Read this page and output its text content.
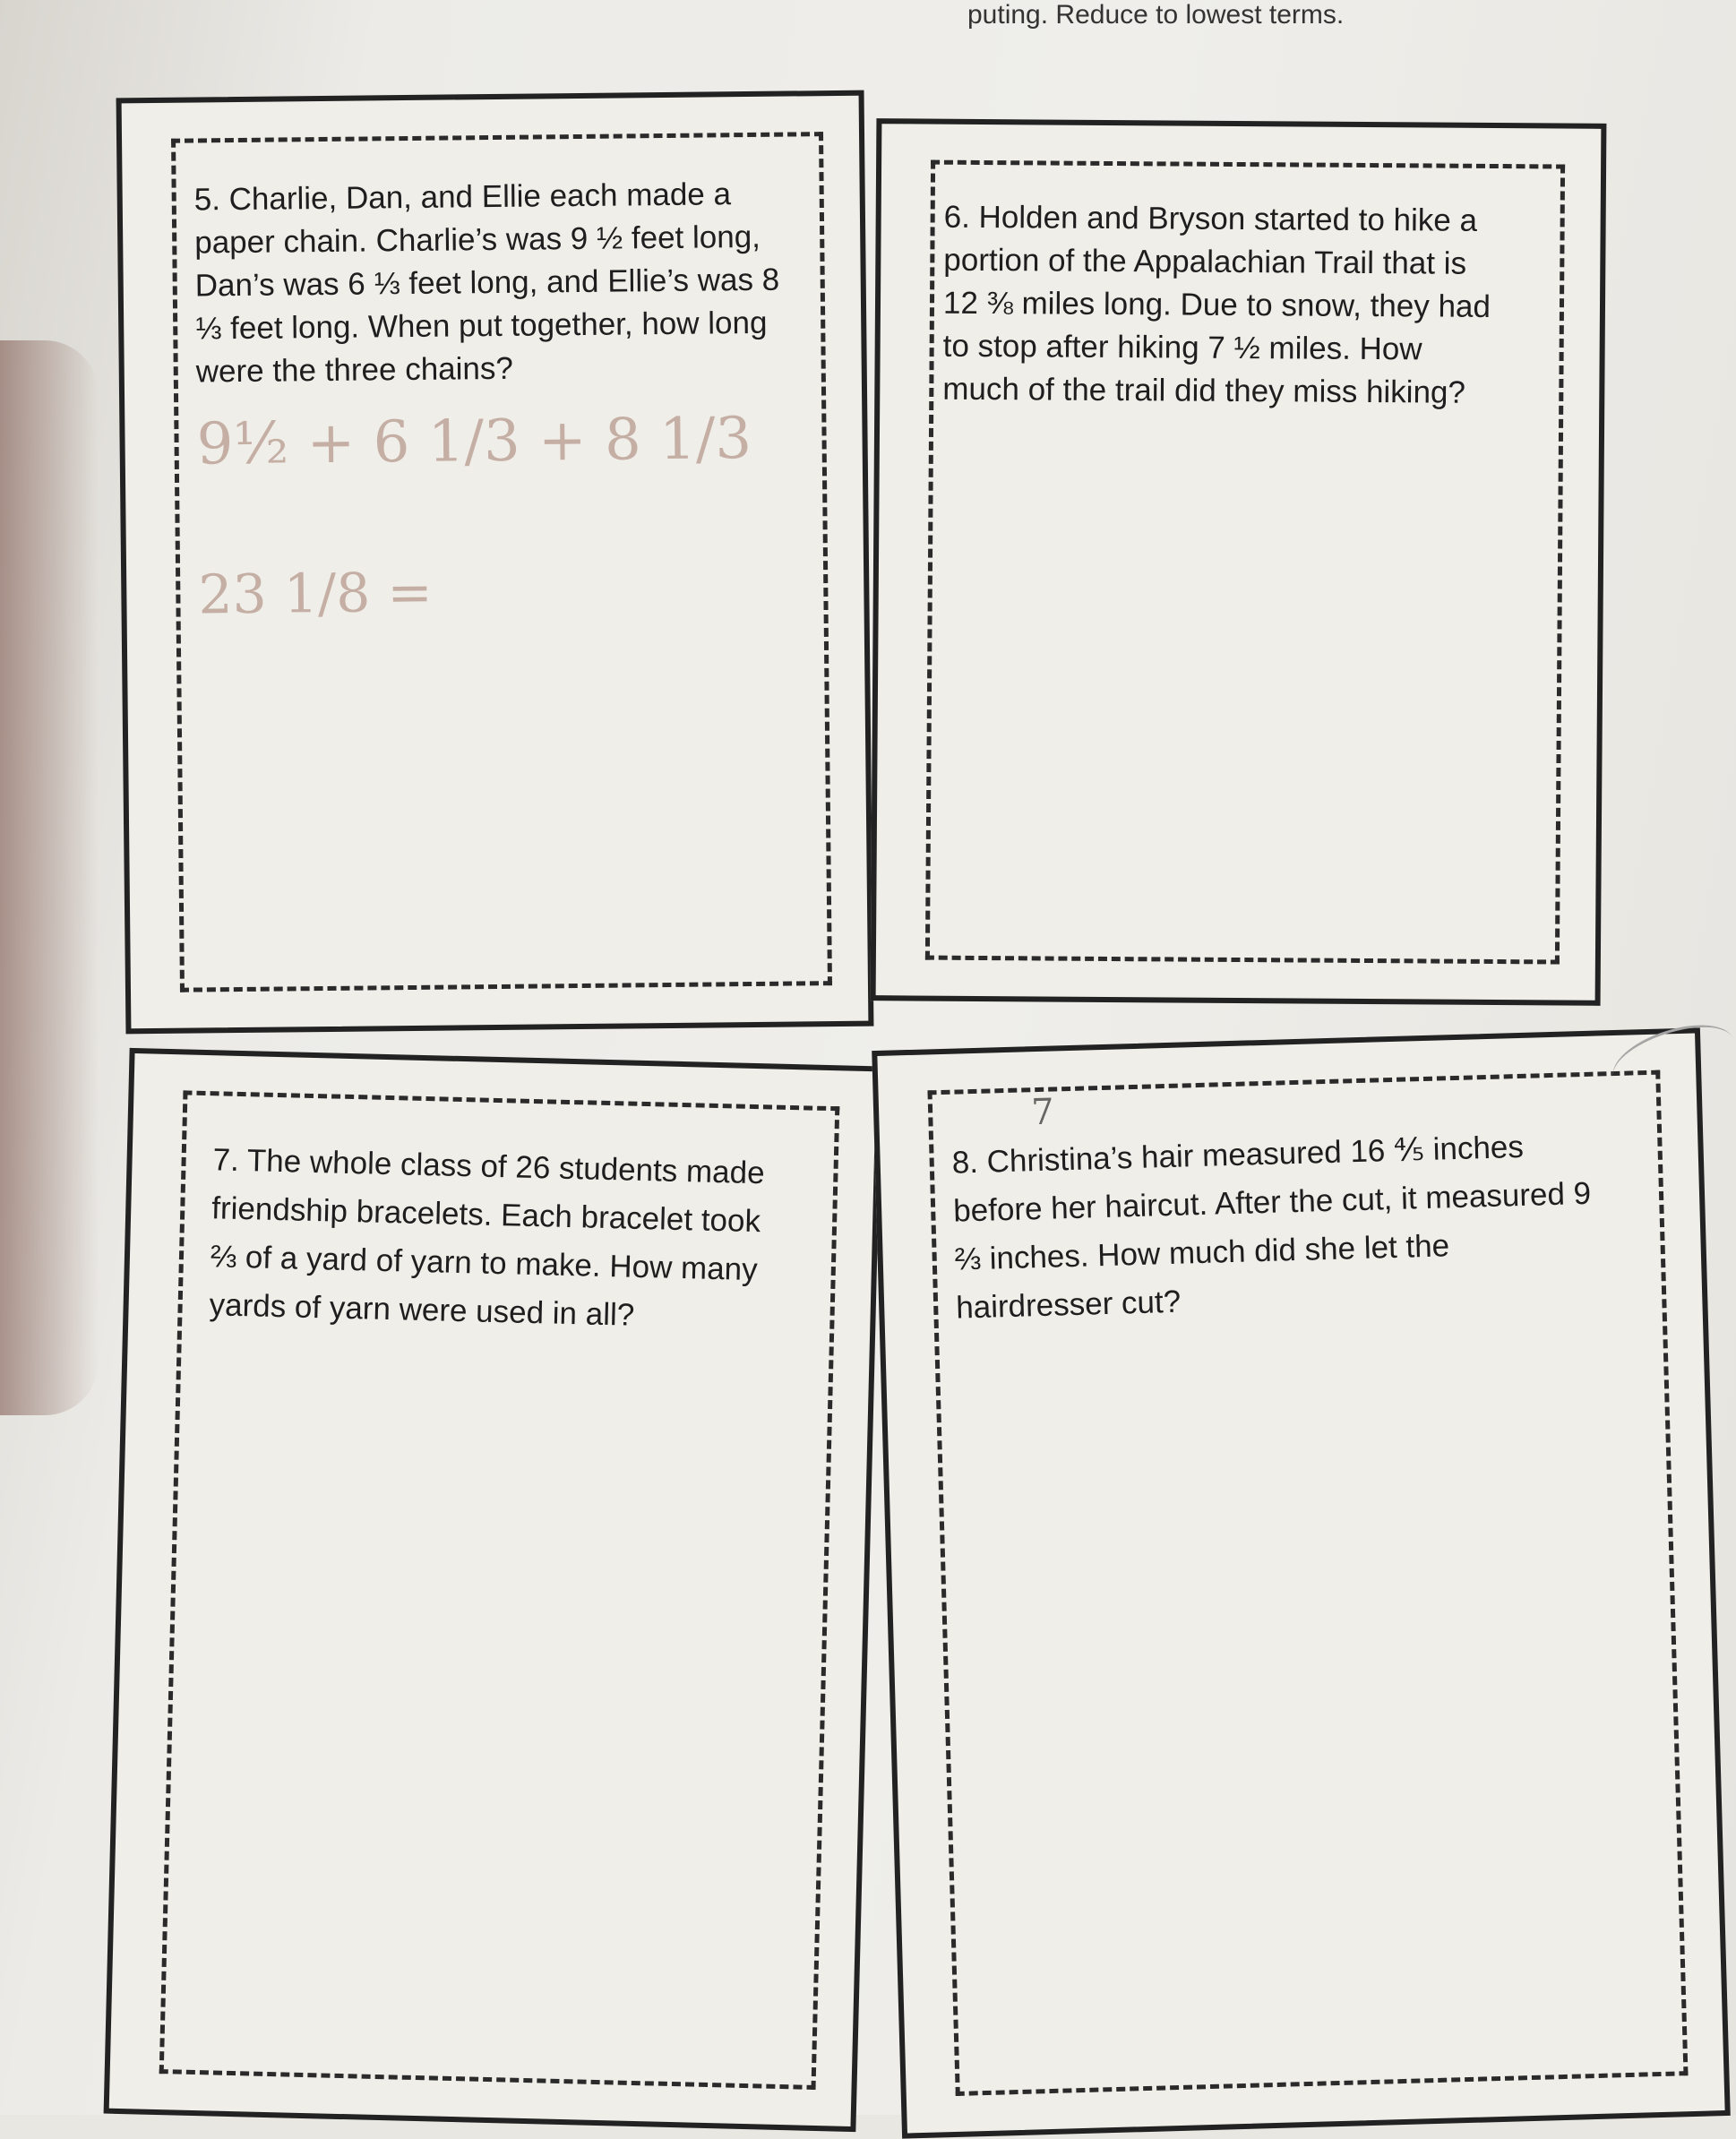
puting. Reduce to lowest terms.
5. Charlie, Dan, and Ellie each made a paper chain. Charlie’s was 9 ½ feet long, Dan’s was 6 ⅓ feet long, and Ellie’s was 8 ⅓ feet long. When put together, how long were the three chains?
9½ + 6 1/3 + 8 1/3
23 1/8 =
6. Holden and Bryson started to hike a portion of the Appalachian Trail that is 12 ⅜ miles long. Due to snow, they had to stop after hiking 7 ½ miles. How much of the trail did they miss hiking?
7. The whole class of 26 students made friendship bracelets. Each bracelet took ⅔ of a yard of yarn to make. How many yards of yarn were used in all?
7
8. Christina’s hair measured 16 ⅘ inches before her haircut. After the cut, it measured 9 ⅔ inches. How much did she let the hairdresser cut?
